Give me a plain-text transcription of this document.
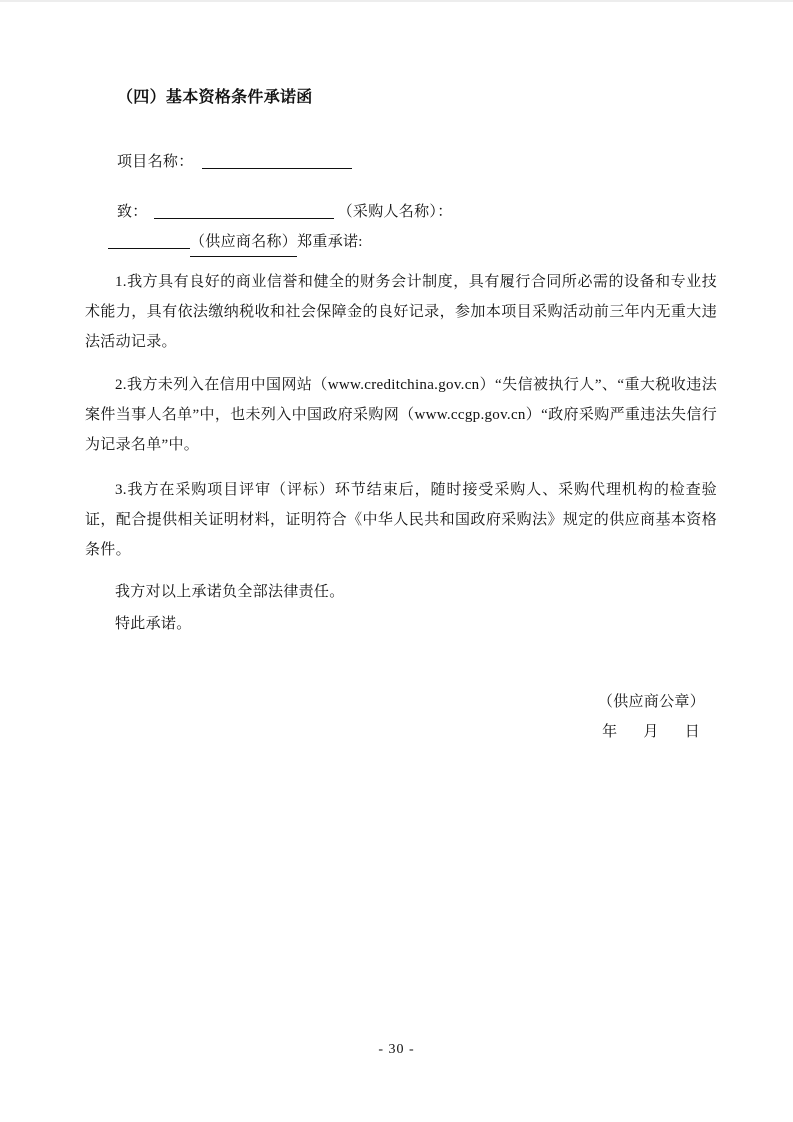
（四）基本资格条件承诺函
项目名称：
致：	（采购人名称）：
（供应商名称）郑重承诺:

1.我方具有良好的商业信誉和健全的财务会计制度，具有履行合同所必需的设备和专业技术能力，具有依法缴纳税收和社会保障金的良好记录，参加本项目采购活动前三年内无重大违法活动记录。

2.我方未列入在信用中国网站（www.creditchina.gov.cn）“失信被执行人”、“重大税收违法案件当事人名单”中，也未列入中国政府采购网（www.ccgp.gov.cn）“政府采购严重违法失信行为记录名单”中。

3.我方在采购项目评审（评标）环节结束后，随时接受采购人、采购代理机构的检查验证，配合提供相关证明材料，证明符合《中华人民共和国政府采购法》规定的供应商基本资格条件。

我方对以上承诺负全部法律责任。

特此承诺。

（供应商公章）
年 月 日
- 30 -
